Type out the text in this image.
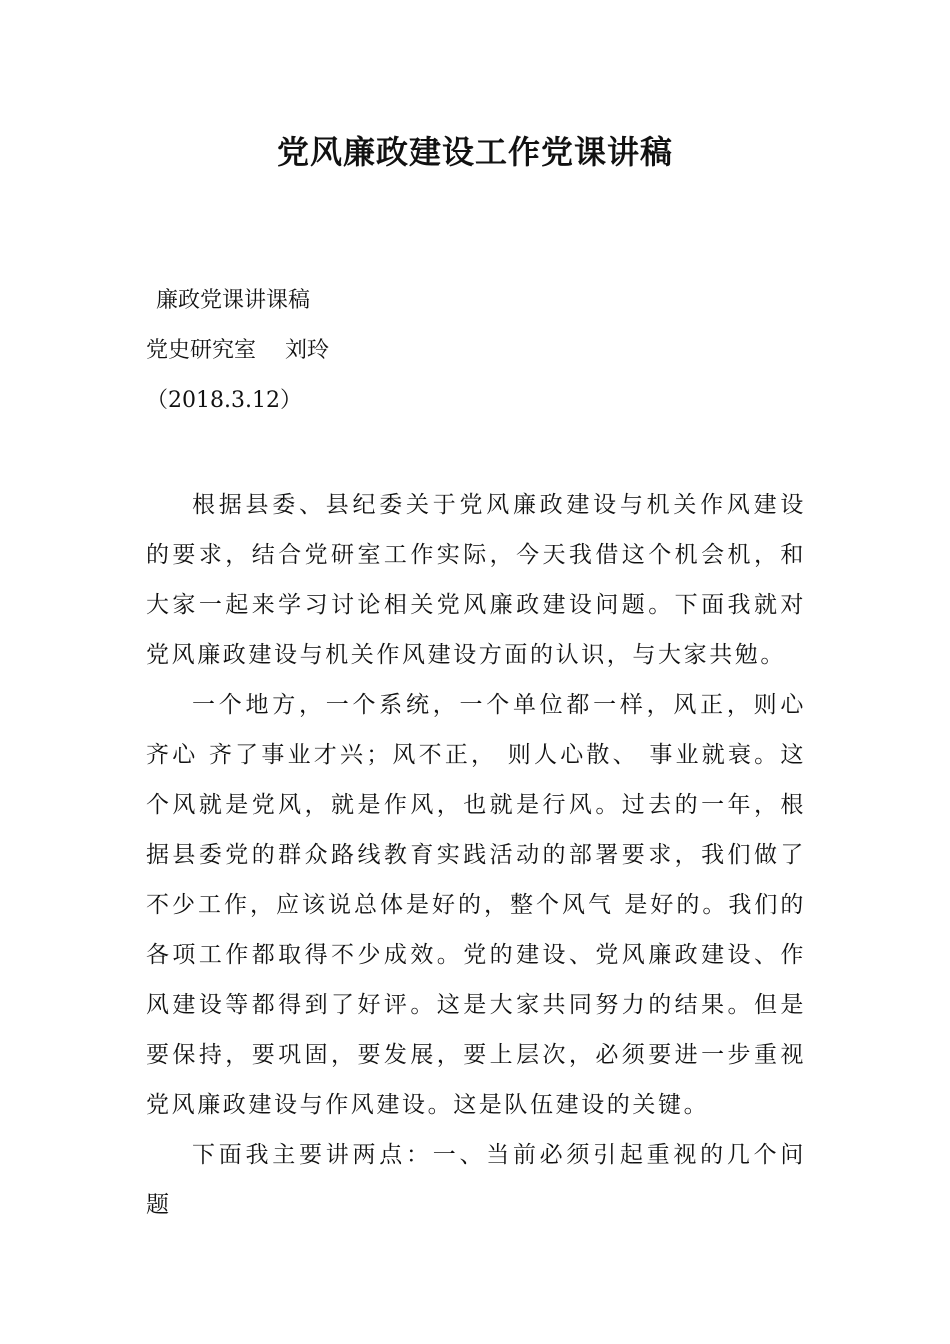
党风廉政建设工作党课讲稿
廉政党课讲课稿
党史研究室　 刘玲
（2018.3.12）

根据县委、县纪委关于党风廉政建设与机关作风建设的要求，结合党研室工作实际，今天我借这个机会机，和大家一起来学习讨论相关党风廉政建设问题。下面我就对党风廉政建设与机关作风建设方面的认识，与大家共勉。

一个地方，一个系统，一个单位都一样，风正，则心齐心 齐了事业才兴；风不正， 则人心散、 事业就衰。这个风就是党风，就是作风，也就是行风。过去的一年，根据县委党的群众路线教育实践活动的部署要求，我们做了不少工作，应该说总体是好的，整个风气 是好的。我们的各项工作都取得不少成效。党的建设、党风廉政建设、作风建设等都得到了好评。这是大家共同努力的结果。但是要保持，要巩固，要发展，要上层次，必须要进一步重视党风廉政建设与作风建设。这是队伍建设的关键。

下面我主要讲两点：一、当前必须引起重视的几个问题
